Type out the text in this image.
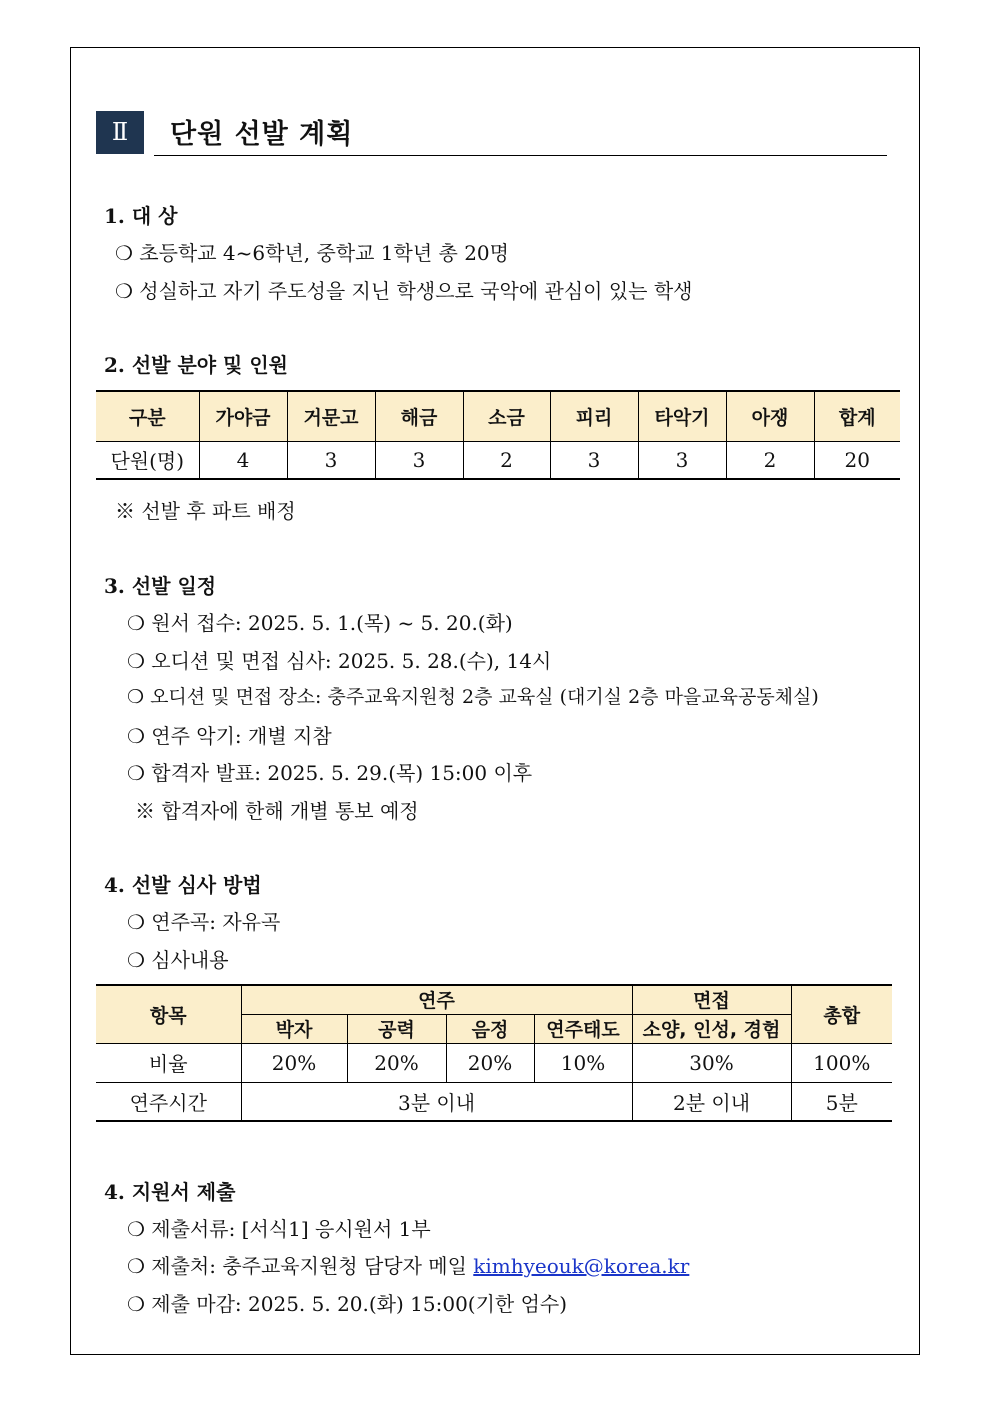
Ⅱ	단원 선발 계획
1. 대 상
❍ 초등학교 4~6학년, 중학교 1학년 총 20명
❍ 성실하고 자기 주도성을 지닌 학생으로 국악에 관심이 있는 학생
2. 선발 분야 및 인원
구분	가야금	거문고	해금	소금	피리	타악기	아쟁	합계
단원(명)	4	3	3	2	3	3	2	20
※ 선발 후 파트 배정
3. 선발 일정
❍ 원서 접수: 2025. 5. 1.(목) ~ 5. 20.(화)
❍ 오디션 및 면접 심사: 2025. 5. 28.(수), 14시
❍ 오디션 및 면접 장소: 충주교육지원청 2층 교육실 (대기실 2층 마을교육공동체실)
❍ 연주 악기: 개별 지참
❍ 합격자 발표: 2025. 5. 29.(목) 15:00 이후
※ 합격자에 한해 개별 통보 예정
4. 선발 심사 방법
❍ 연주곡: 자유곡
❍ 심사내용
항목	연주				면접	총합
	박자	공력	음정	연주태도	소양, 인성, 경험	
비율	20%	20%	20%	10%	30%	100%
연주시간	3분 이내				2분 이내	5분
4. 지원서 제출
❍ 제출서류: [서식1] 응시원서 1부
❍ 제출처: 충주교육지원청 담당자 메일 kimhyeouk@korea.kr
❍ 제출 마감: 2025. 5. 20.(화) 15:00(기한 엄수)
